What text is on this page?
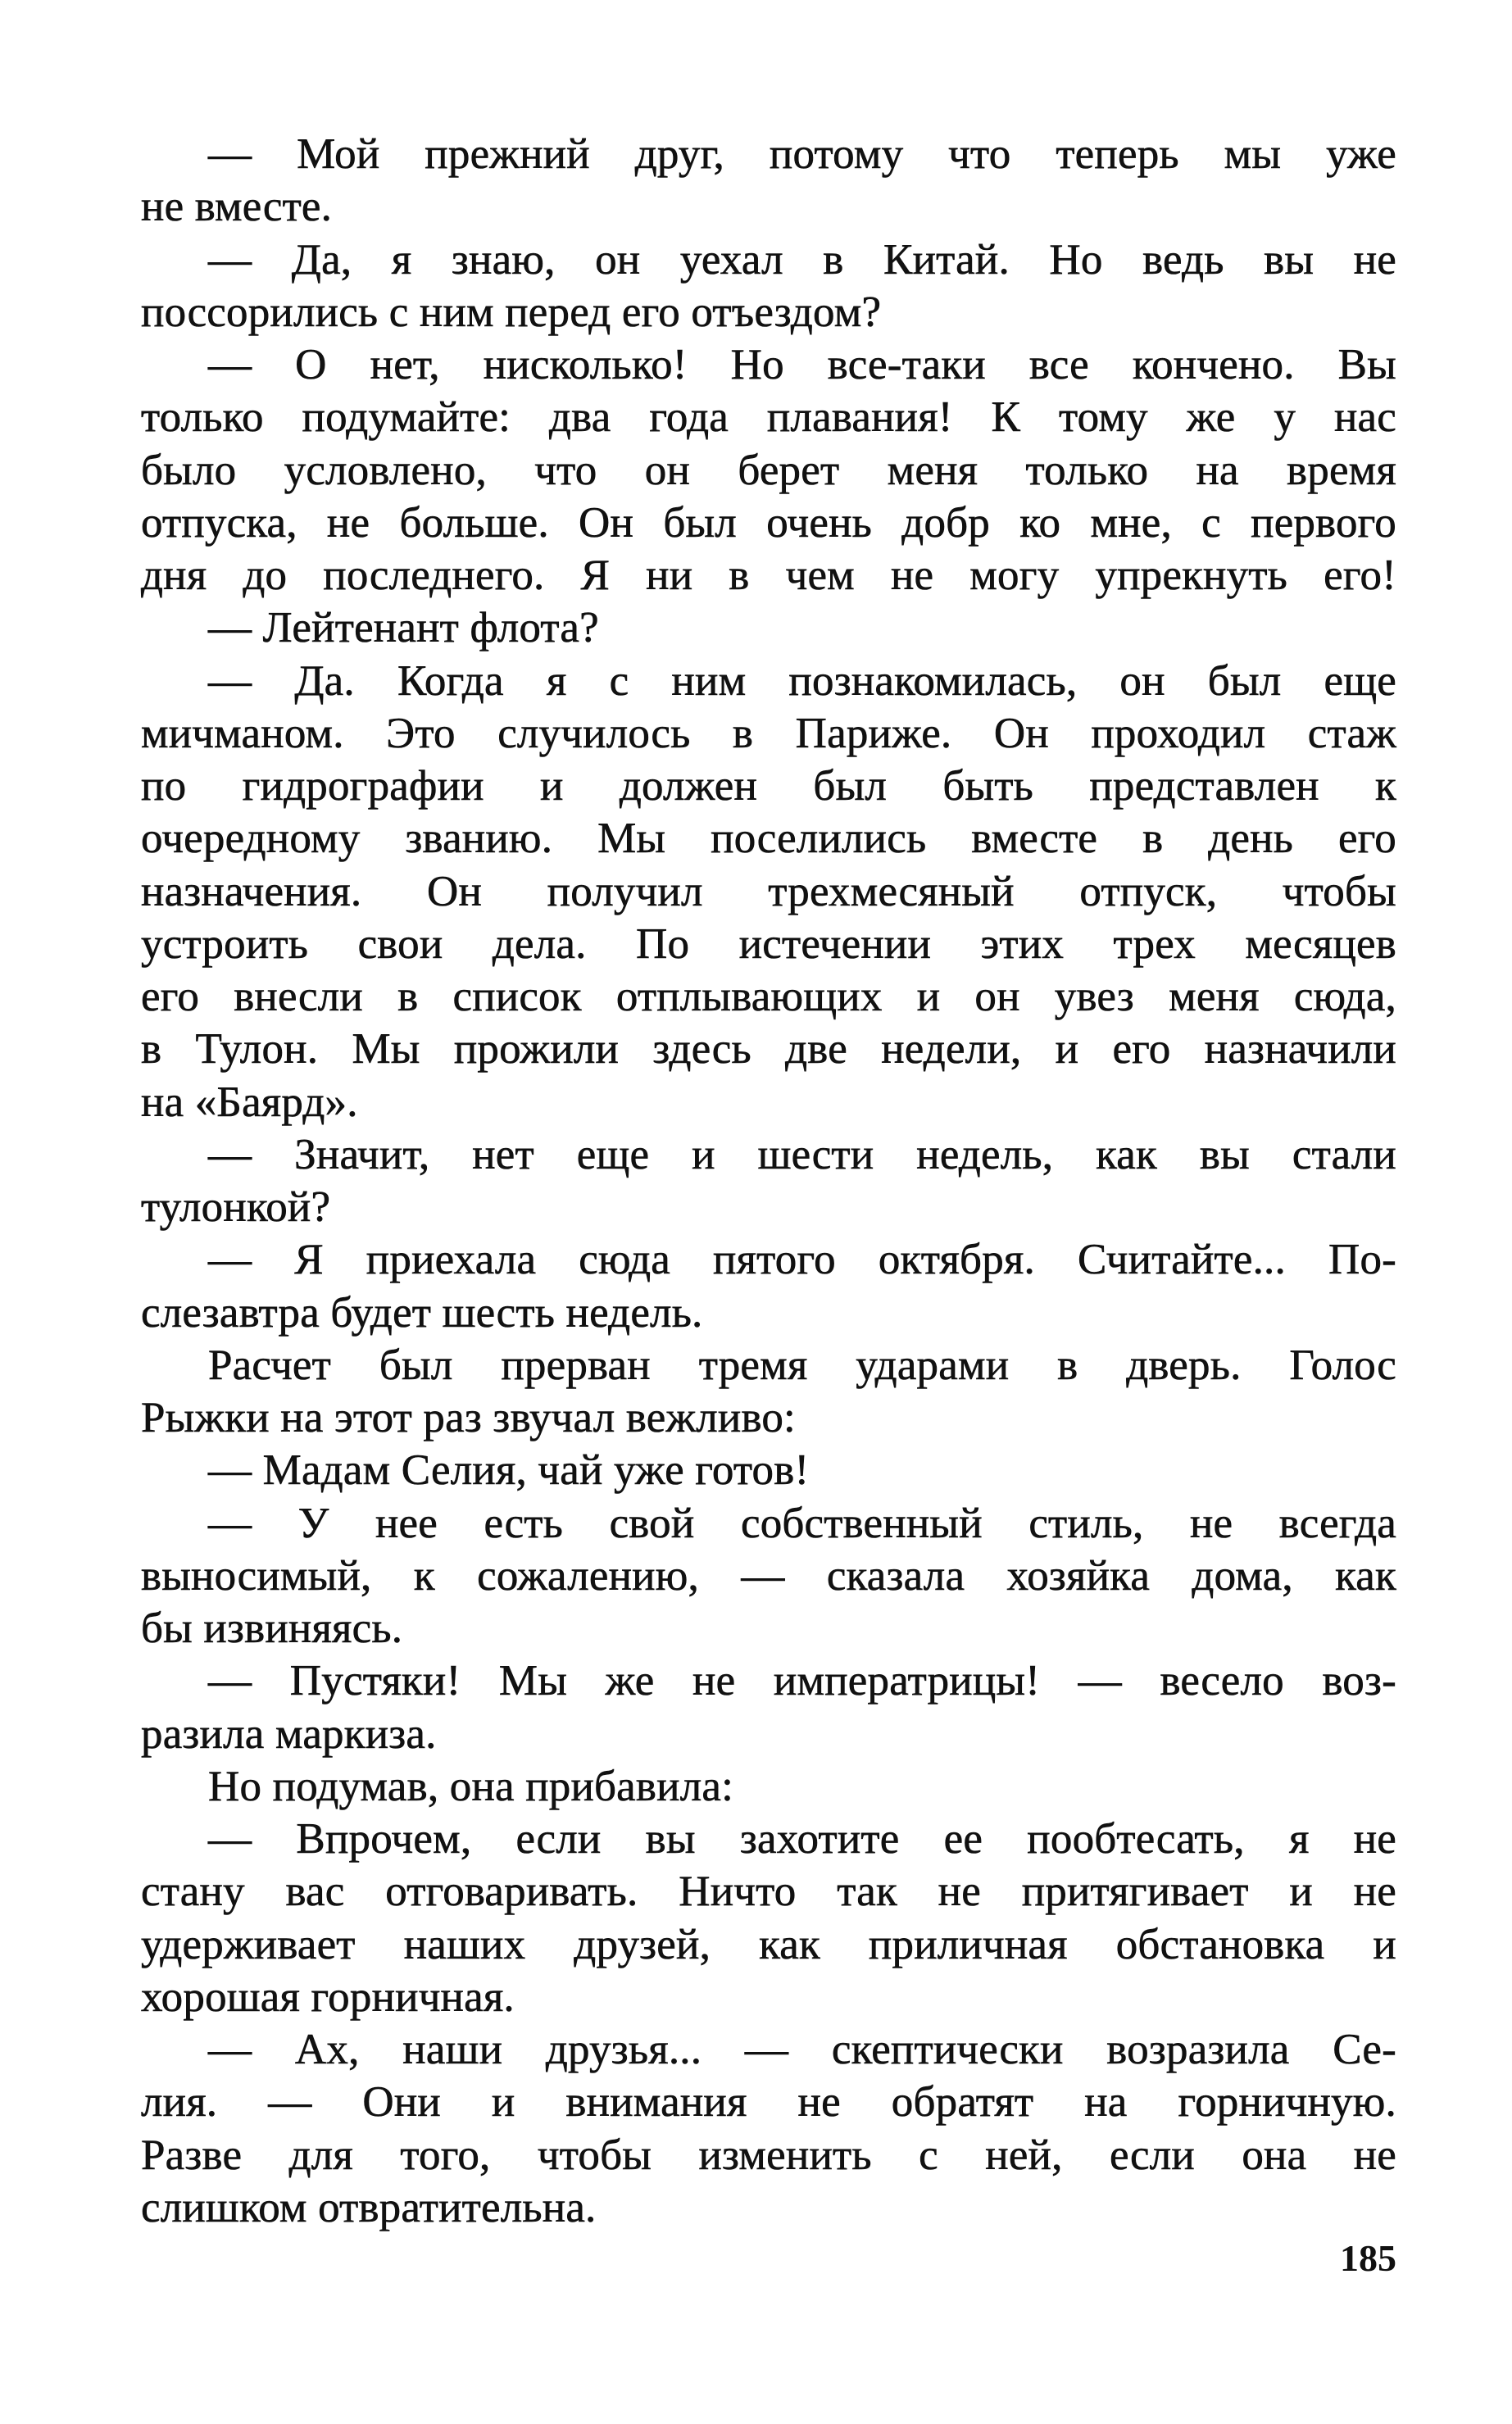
— Мой прежний друг, потому что теперь мы уже
не вместе.
— Да, я знаю, он уехал в Китай. Но ведь вы не
поссорились с ним перед его отъездом?
— О нет, нисколько! Но все-таки все кончено. Вы
только подумайте: два года плавания! К тому же у нас
было условлено, что он берет меня только на время
отпуска, не больше. Он был очень добр ко мне, с первого
дня до последнего. Я ни в чем не могу упрекнуть его!
— Лейтенант флота?
— Да. Когда я с ним познакомилась, он был еще
мичманом. Это случилось в Париже. Он проходил стаж
по гидрографии и должен был быть представлен к
очередному званию. Мы поселились вместе в день его
назначения. Он получил трехмесяный отпуск, чтобы
устроить свои дела. По истечении этих трех месяцев
его внесли в список отплывающих и он увез меня сюда,
в Тулон. Мы прожили здесь две недели, и его назначили
на «Баярд».
— Значит, нет еще и шести недель, как вы стали
тулонкой?
— Я приехала сюда пятого октября. Считайте... По-
слезавтра будет шесть недель.
Расчет был прерван тремя ударами в дверь. Голос
Рыжки на этот раз звучал вежливо:
— Мадам Селия, чай уже готов!
— У нее есть свой собственный стиль, не всегда
выносимый, к сожалению, — сказала хозяйка дома, как
бы извиняясь.
— Пустяки! Мы же не императрицы! — весело воз-
разила маркиза.
Но подумав, она прибавила:
— Впрочем, если вы захотите ее пообтесать, я не
стану вас отговаривать. Ничто так не притягивает и не
удерживает наших друзей, как приличная обстановка и
хорошая горничная.
— Ах, наши друзья... — скептически возразила Се-
лия. — Они и внимания не обратят на горничную.
Разве для того, чтобы изменить с ней, если она не
слишком отвратительна.
185
